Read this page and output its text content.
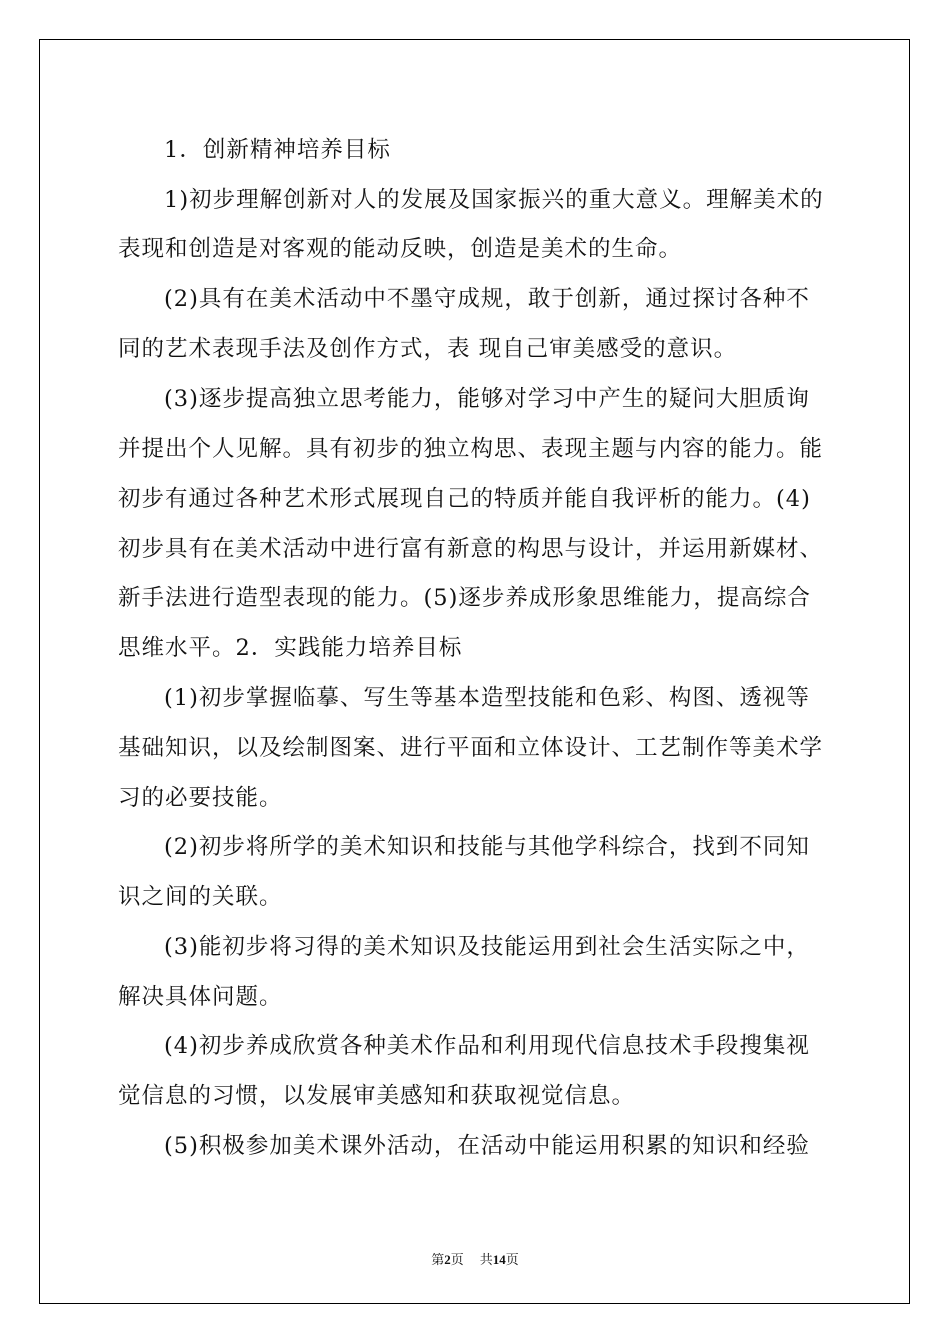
1．创新精神培养目标
1)初步理解创新对人的发展及国家振兴的重大意义。理解美术的
表现和创造是对客观的能动反映，创造是美术的生命。
(2)具有在美术活动中不墨守成规，敢于创新，通过探讨各种不
同的艺术表现手法及创作方式，表 现自己审美感受的意识。
(3)逐步提高独立思考能力，能够对学习中产生的疑问大胆质询
并提出个人见解。具有初步的独立构思、表现主题与内容的能力。能
初步有通过各种艺术形式展现自己的特质并能自我评析的能力。(4)
初步具有在美术活动中进行富有新意的构思与设计，并运用新媒材、
新手法进行造型表现的能力。(5)逐步养成形象思维能力，提高综合
思维水平。2．实践能力培养目标
(1)初步掌握临摹、写生等基本造型技能和色彩、构图、透视等
基础知识，以及绘制图案、进行平面和立体设计、工艺制作等美术学
习的必要技能。
(2)初步将所学的美术知识和技能与其他学科综合，找到不同知
识之间的关联。
(3)能初步将习得的美术知识及技能运用到社会生活实际之中，
解决具体问题。
(4)初步养成欣赏各种美术作品和利用现代信息技术手段搜集视
觉信息的习惯，以发展审美感知和获取视觉信息。
(5)积极参加美术课外活动，在活动中能运用积累的知识和经验
第2页 共14页
